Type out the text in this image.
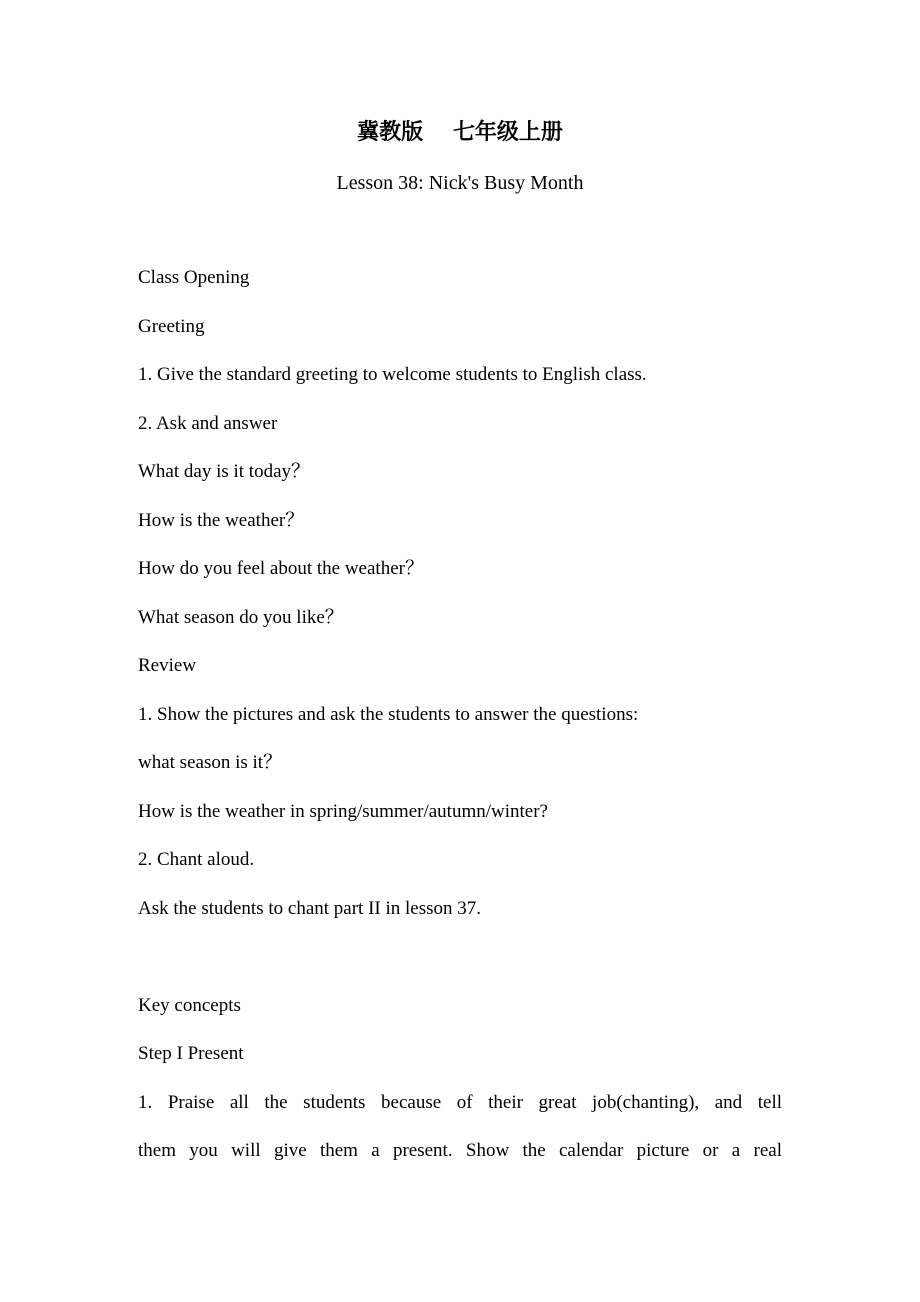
冀教版　 七年级上册
Lesson 38: Nick's Busy Month

Class Opening

Greeting

1. Give the standard greeting to welcome students to English class.

2. Ask and answer

What day is it today？

How is the weather？

How do you feel about the weather？

What season do you like？

Review

1. Show the pictures and ask the students to answer the questions:

what season is it？

How is the weather in spring/summer/autumn/winter?

2. Chant aloud.

Ask the students to chant part II in lesson 37.

Key concepts

Step I Present

1. Praise all the students because of their great job(chanting), and tell

them you will give them a present. Show the calendar picture or a real
